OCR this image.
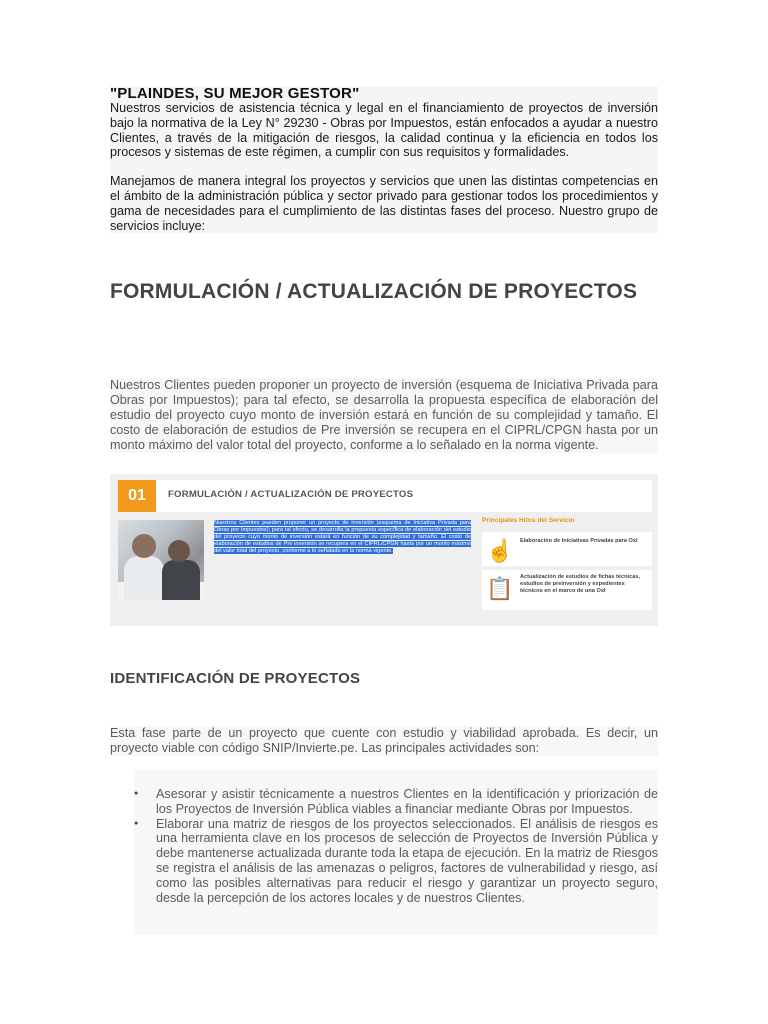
"PLAINDES, SU MEJOR GESTOR"

Nuestros servicios de asistencia técnica y legal en el financiamiento de proyectos de inversión bajo la normativa de la Ley N° 29230 - Obras por Impuestos, están enfocados a ayudar a nuestro Clientes, a través de la mitigación de riesgos, la calidad continua y la eficiencia en todos los procesos y sistemas de este régimen, a cumplir con sus requisitos y formalidades.

Manejamos de manera integral los proyectos y servicios que unen las distintas competencias en el ámbito de la administración pública y sector privado para gestionar todos los procedimientos y gama de necesidades para el cumplimiento de las distintas fases del proceso. Nuestro grupo de servicios incluye:

FORMULACIÓN / ACTUALIZACIÓN DE PROYECTOS

Nuestros Clientes pueden proponer un proyecto de inversión (esquema de Iniciativa Privada para Obras por Impuestos); para tal efecto, se desarrolla la propuesta específica de elaboración del estudio del proyecto cuyo monto de inversión estará en función de su complejidad y tamaño. El costo de elaboración de estudios de Pre inversión se recupera en el CIPRL/CPGN hasta por un monto máximo del valor total del proyecto, conforme a lo señalado en la norma vigente.

01	FORMULACIÓN / ACTUALIZACIÓN DE PROYECTOS
Nuestros Clientes pueden proponer un proyecto de inversión (esquema de Iniciativa Privada para Obras por Impuestos); para tal efecto, se desarrolla la propuesta específica de elaboración del estudio del proyecto cuyo monto de inversión estará en función de su complejidad y tamaño. El costo de elaboración de estudios de Pre inversión se recupera en el CIPRL/CPGN hasta por un monto máximo del valor total del proyecto, conforme a lo señalado en la norma vigente.
Principales Hitos del Servicio
☝ Elaboración de Iniciativas Privadas para OxI
📋 Actualización de estudios de fichas técnicas, estudios de preinversión y expedientes técnicos en el marco de una OxI
IDENTIFICACIÓN DE PROYECTOS

Esta fase parte de un proyecto que cuente con estudio y viabilidad aprobada. Es decir, un proyecto viable con código SNIP/Invierte.pe. Las principales actividades son:

● Asesorar y asistir técnicamente a nuestros Clientes en la identificación y priorización de los Proyectos de Inversión Pública viables a financiar mediante Obras por Impuestos.
● Elaborar una matriz de riesgos de los proyectos seleccionados. El análisis de riesgos es una herramienta clave en los procesos de selección de Proyectos de Inversión Pública y debe mantenerse actualizada durante toda la etapa de ejecución. En la matriz de Riesgos se registra el análisis de las amenazas o peligros, factores de vulnerabilidad y riesgo, así como las posibles alternativas para reducir el riesgo y garantizar un proyecto seguro, desde la percepción de los actores locales y de nuestros Clientes.
